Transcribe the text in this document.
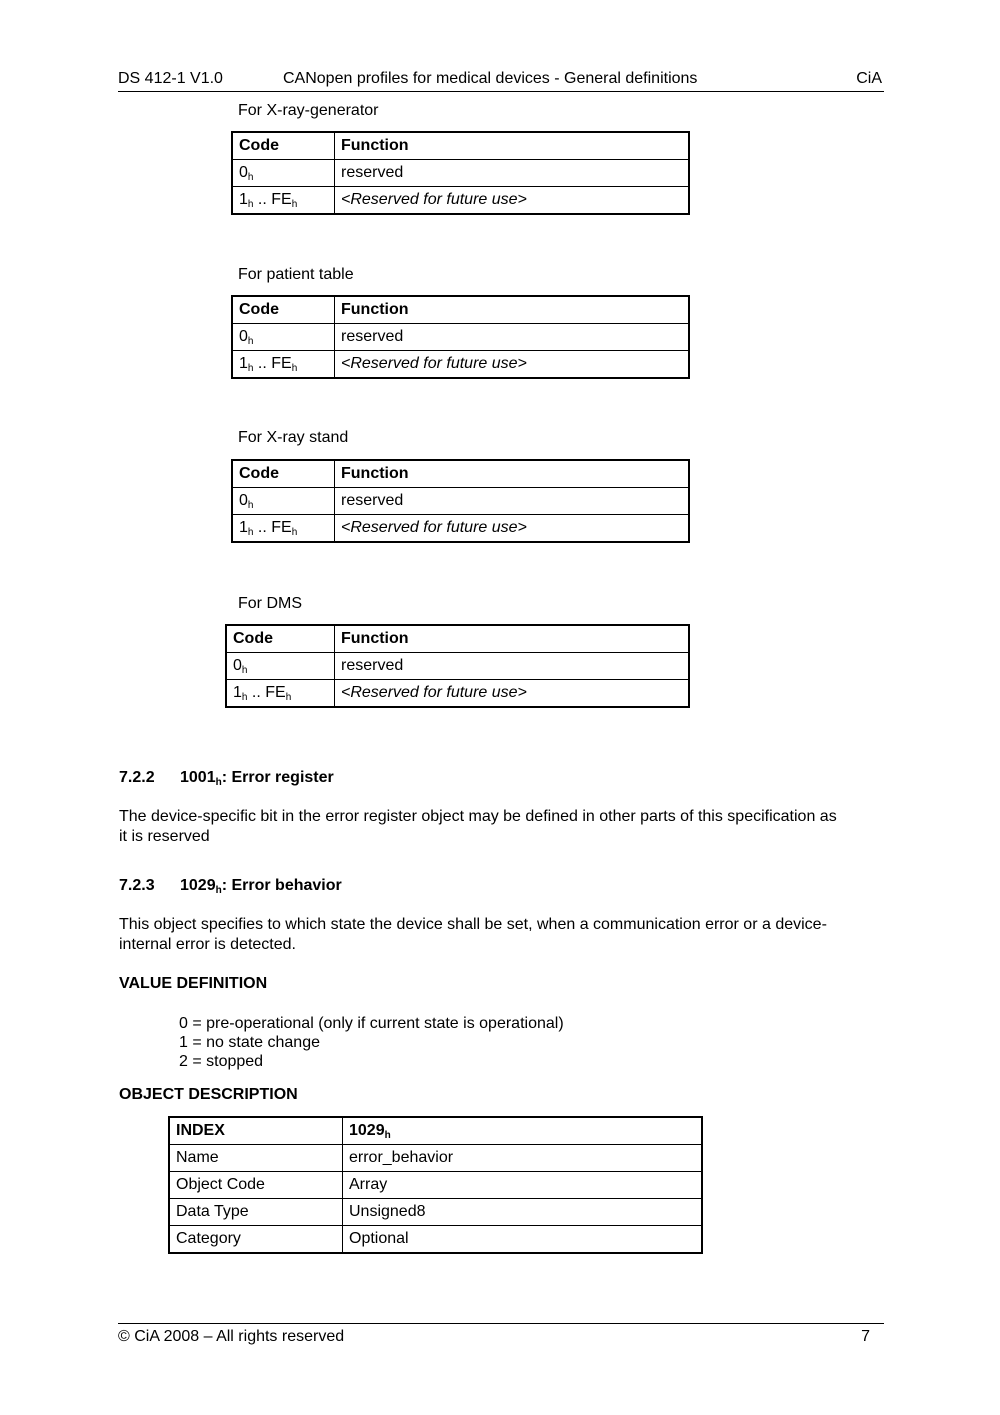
DS 412-1 V1.0	CANopen profiles for medical devices - General definitions	CiA
For X-ray-generator
Code	Function
$0_h$	reserved
$1_h$ .. $FE_h$	<Reserved for future use>
For patient table
Code	Function
$0_h$	reserved
$1_h$ .. $FE_h$	<Reserved for future use>
For X-ray stand
Code	Function
$0_h$	reserved
$1_h$ .. $FE_h$	<Reserved for future use>
For DMS
Code	Function
$0_h$	reserved
$1_h$ .. $FE_h$	<Reserved for future use>
7.2.2 $1001_h$: Error register
The device-specific bit in the error register object may be defined in other parts of this specification as
it is reserved
7.2.3 $1029_h$: Error behavior
This object specifies to which state the device shall be set, when a communication error or a device-
internal error is detected.
VALUE DEFINITION
0 = pre-operational (only if current state is operational)
1 = no state change
2 = stopped
OBJECT DESCRIPTION
INDEX	$1029_h$
Name	error_behavior
Object Code	Array
Data Type	Unsigned8
Category	Optional
© CiA 2008 – All rights reserved	7
